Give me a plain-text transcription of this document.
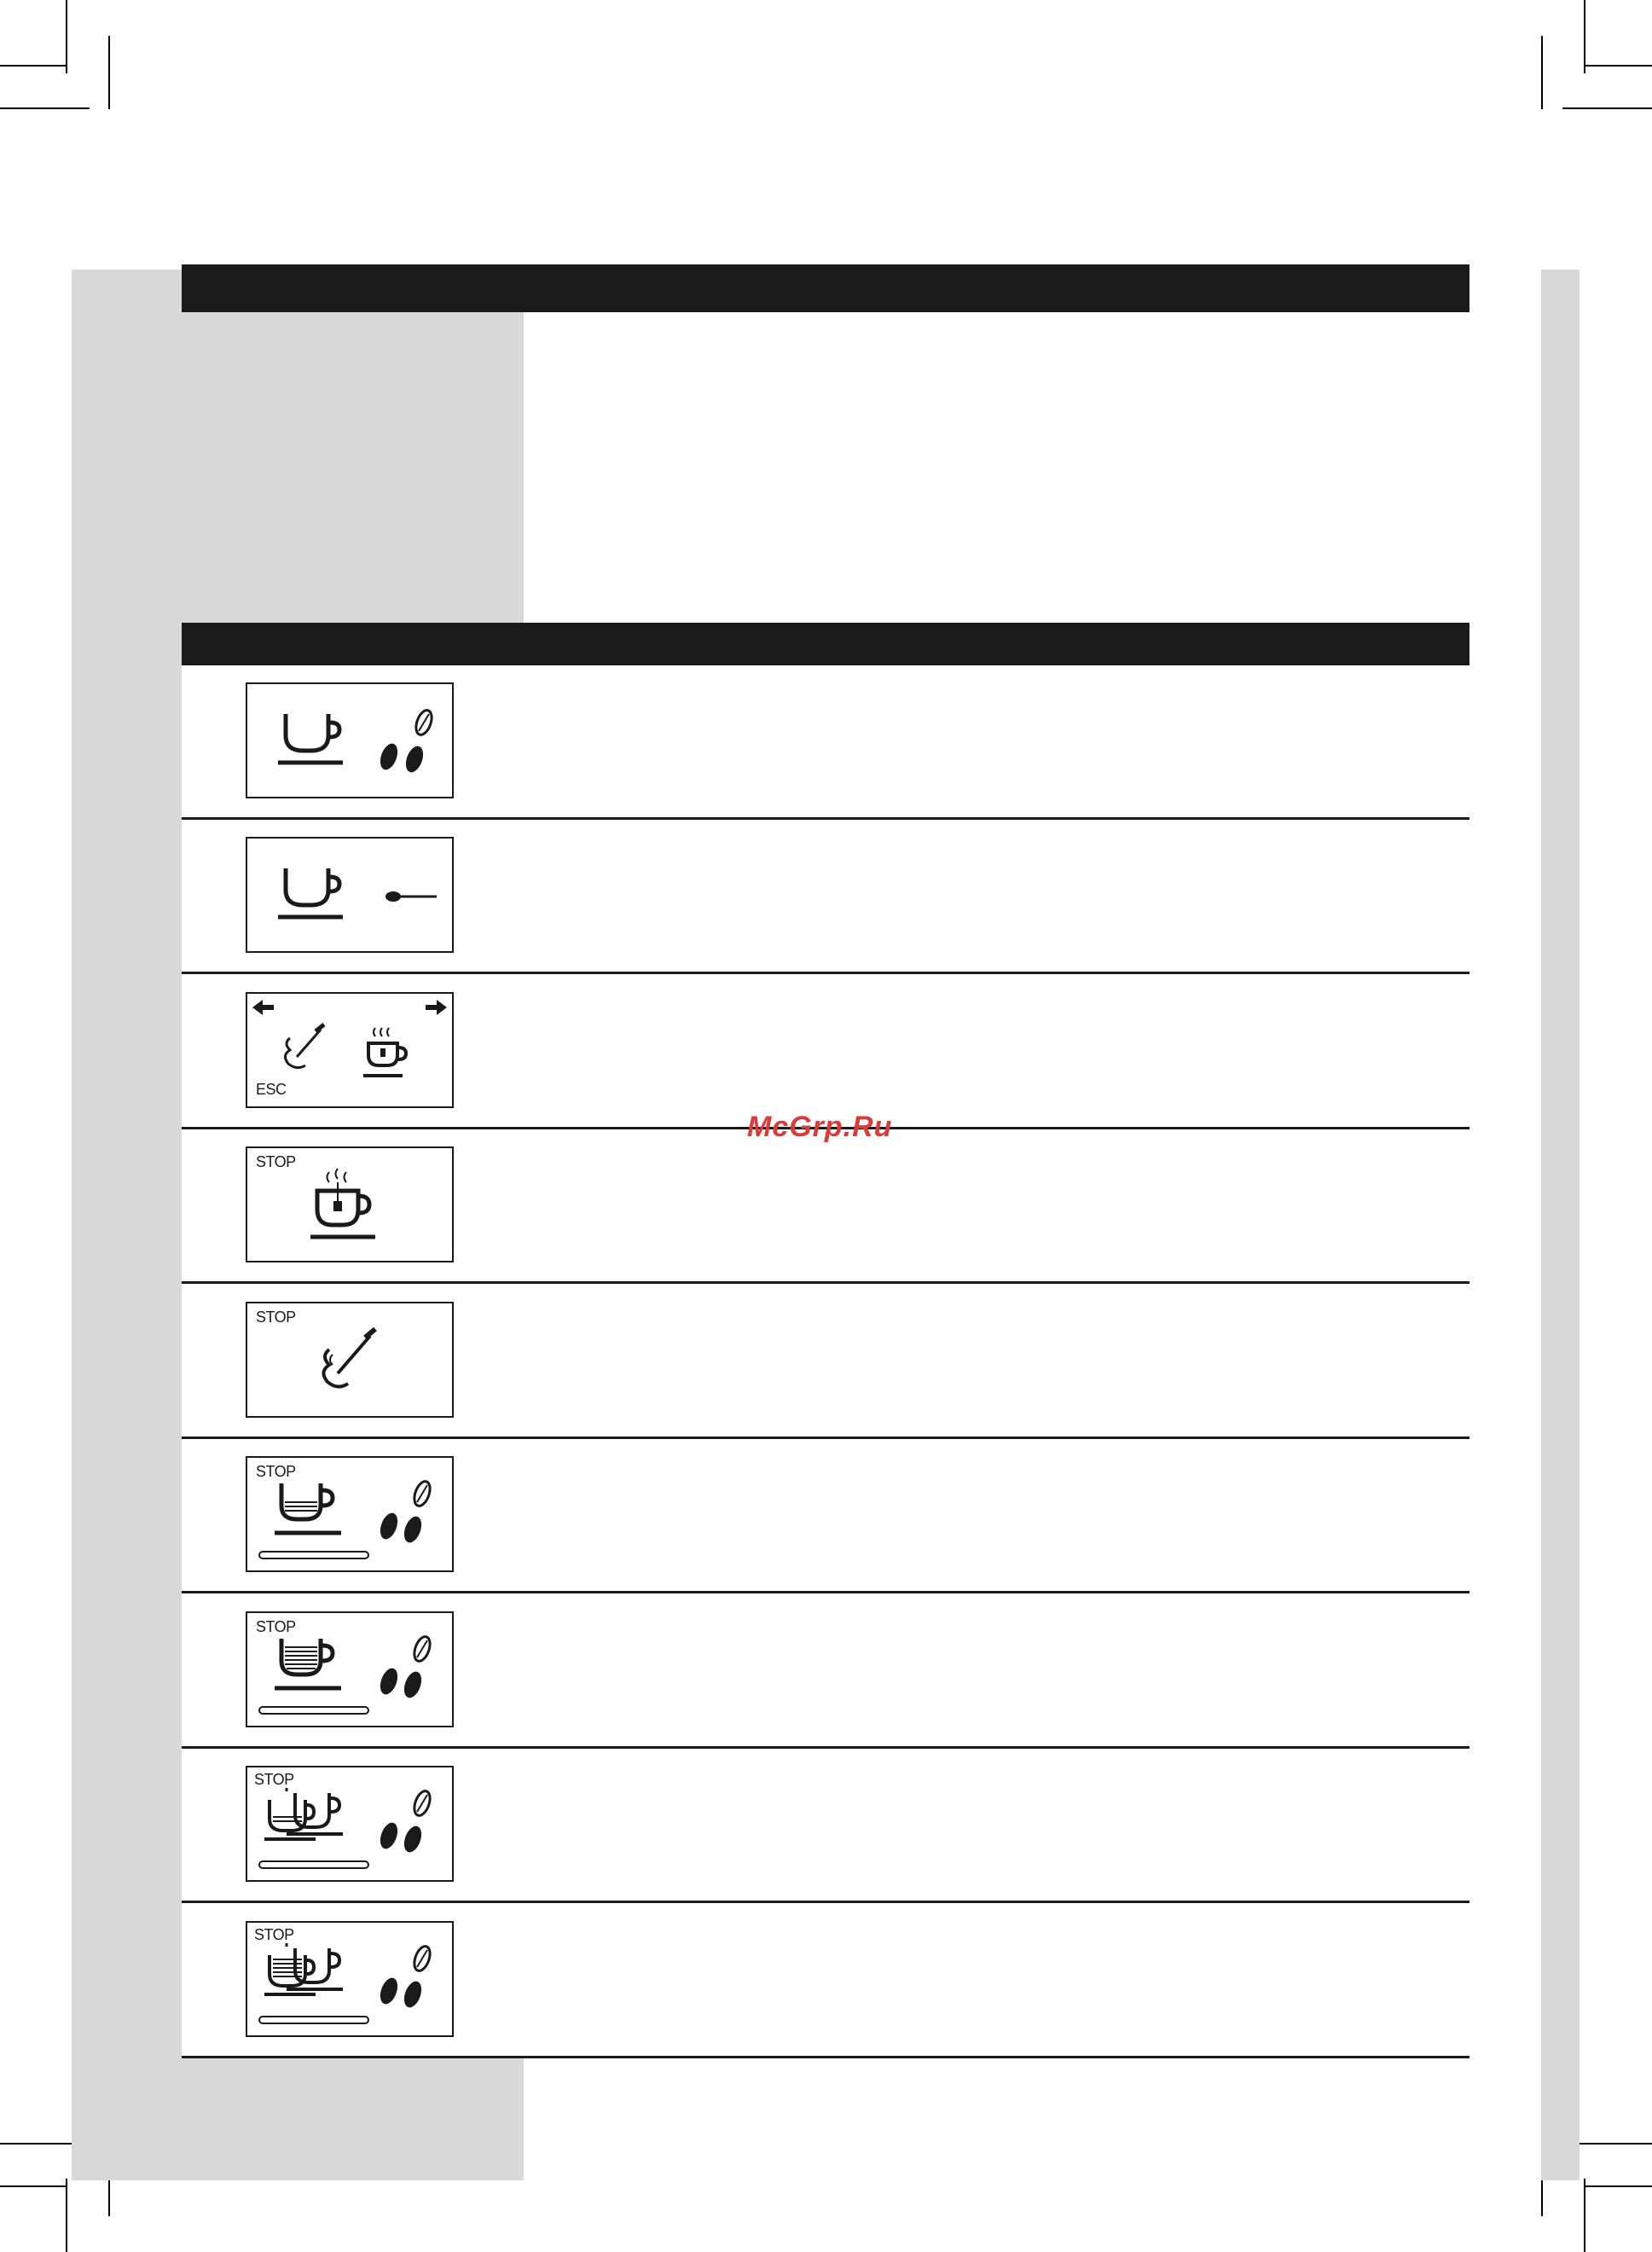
ESC
STOP
STOP
STOP
STOP
STOP
STOP
McGrp.Ru
